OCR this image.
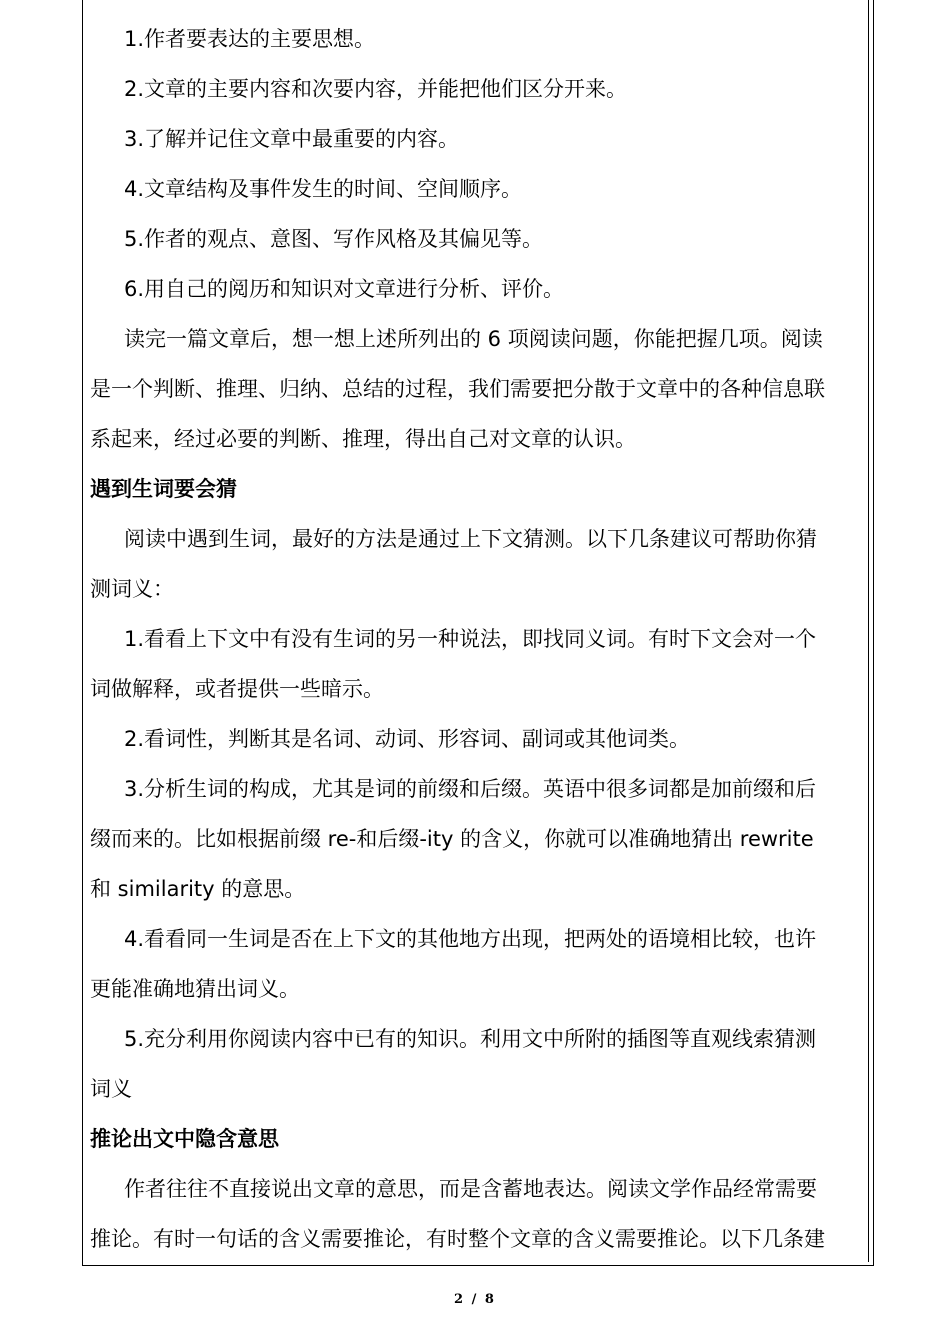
1.作者要表达的主要思想。
2.文章的主要内容和次要内容，并能把他们区分开来。
3.了解并记住文章中最重要的内容。
4.文章结构及事件发生的时间、空间顺序。
5.作者的观点、意图、写作风格及其偏见等。
6.用自己的阅历和知识对文章进行分析、评价。
读完一篇文章后，想一想上述所列出的 6 项阅读问题，你能把握几项。阅读
是一个判断、推理、归纳、总结的过程，我们需要把分散于文章中的各种信息联
系起来，经过必要的判断、推理，得出自己对文章的认识。
遇到生词要会猜
阅读中遇到生词，最好的方法是通过上下文猜测。以下几条建议可帮助你猜
测词义：
1.看看上下文中有没有生词的另一种说法，即找同义词。有时下文会对一个
词做解释，或者提供一些暗示。
2.看词性，判断其是名词、动词、形容词、副词或其他词类。
3.分析生词的构成，尤其是词的前缀和后缀。英语中很多词都是加前缀和后
缀而来的。比如根据前缀 re-和后缀-ity 的含义，你就可以准确地猜出 rewrite
和 similarity 的意思。
4.看看同一生词是否在上下文的其他地方出现，把两处的语境相比较，也许
更能准确地猜出词义。
5.充分利用你阅读内容中已有的知识。利用文中所附的插图等直观线索猜测
词义
推论出文中隐含意思
作者往往不直接说出文章的意思，而是含蓄地表达。阅读文学作品经常需要
推论。有时一句话的含义需要推论，有时整个文章的含义需要推论。以下几条建
2 / 8
